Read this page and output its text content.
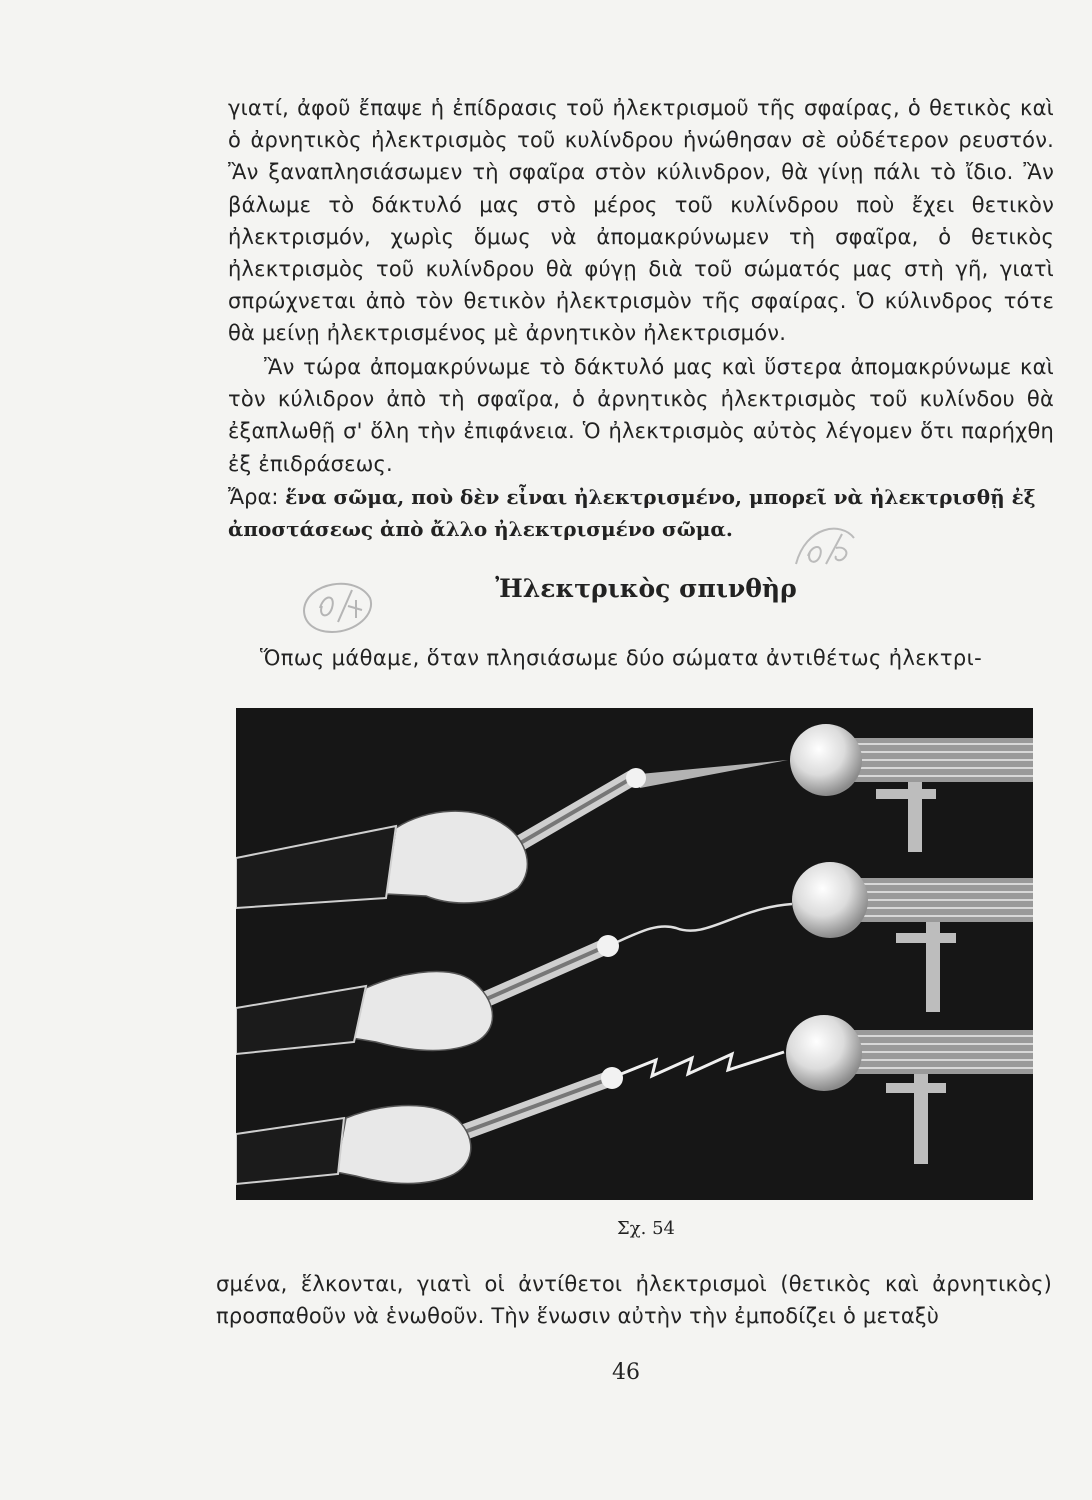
γιατί, ἀφοῦ ἔπαψε ἡ ἐπίδρασις τοῦ ἠλεκτρισμοῦ τῆς σφαίρας, ὁ θετικὸς καὶ ὁ ἀρνητικὸς ἠλεκτρισμὸς τοῦ κυλίνδρου ἡνώθησαν σὲ οὐδέτερον ρευστόν. Ἂν ξαναπλησιάσωμεν τὴ σφαῖρα στὸν κύλινδρον, θὰ γίνῃ πάλι τὸ ἴδιο. Ἂν βάλωμε τὸ δάκτυλό μας στὸ μέρος τοῦ κυλίνδρου ποὺ ἔχει θετικὸν ἠλεκτρισμόν, χωρὶς ὅμως νὰ ἀπομακρύνωμεν τὴ σφαῖρα, ὁ θετικὸς ἠλεκτρισμὸς τοῦ κυλίνδρου θὰ φύγῃ διὰ τοῦ σώματός μας στὴ γῆ, γιατὶ σπρώχνεται ἀπὸ τὸν θετικὸν ἠλεκτρισμὸν τῆς σφαίρας. Ὁ κύλινδρος τότε θὰ μείνῃ ἠλεκτρισμένος μὲ ἀρνητικὸν ἠλεκτρισμόν.

Ἂν τώρα ἀπομακρύνωμε τὸ δάκτυλό μας καὶ ὕστερα ἀπομακρύνωμε καὶ τὸν κύλιδρον ἀπὸ τὴ σφαῖρα, ὁ ἀρνητικὸς ἠλεκτρισμὸς τοῦ κυλίνδου θὰ ἐξαπλωθῇ σ' ὅλη τὴν ἐπιφάνεια. Ὁ ἠλεκτρισμὸς αὐτὸς λέγομεν ὅτι παρήχθη ἐξ ἐπιδράσεως.

Ἄρα: ἕνα σῶμα, ποὺ δὲν εἶναι ἠλεκτρισμένο, μπορεῖ νὰ ἠλεκτρισθῇ ἐξ ἀποστάσεως ἀπὸ ἄλλο ἠλεκτρισμένο σῶμα.

Ἠλεκτρικὸς σπινθὴρ

Ὅπως μάθαμε, ὅταν πλησιάσωμε δύο σώματα ἀντιθέτως ἠλεκτρι-

Σχ. 54

σμένα, ἕλκονται, γιατὶ οἱ ἀντίθετοι ἠλεκτρισμοὶ (θετικὸς καὶ ἀρνητικὸς) προσπαθοῦν νὰ ἑνωθοῦν. Τὴν ἕνωσιν αὐτὴν τὴν ἐμποδίζει ὁ μεταξὺ

46
